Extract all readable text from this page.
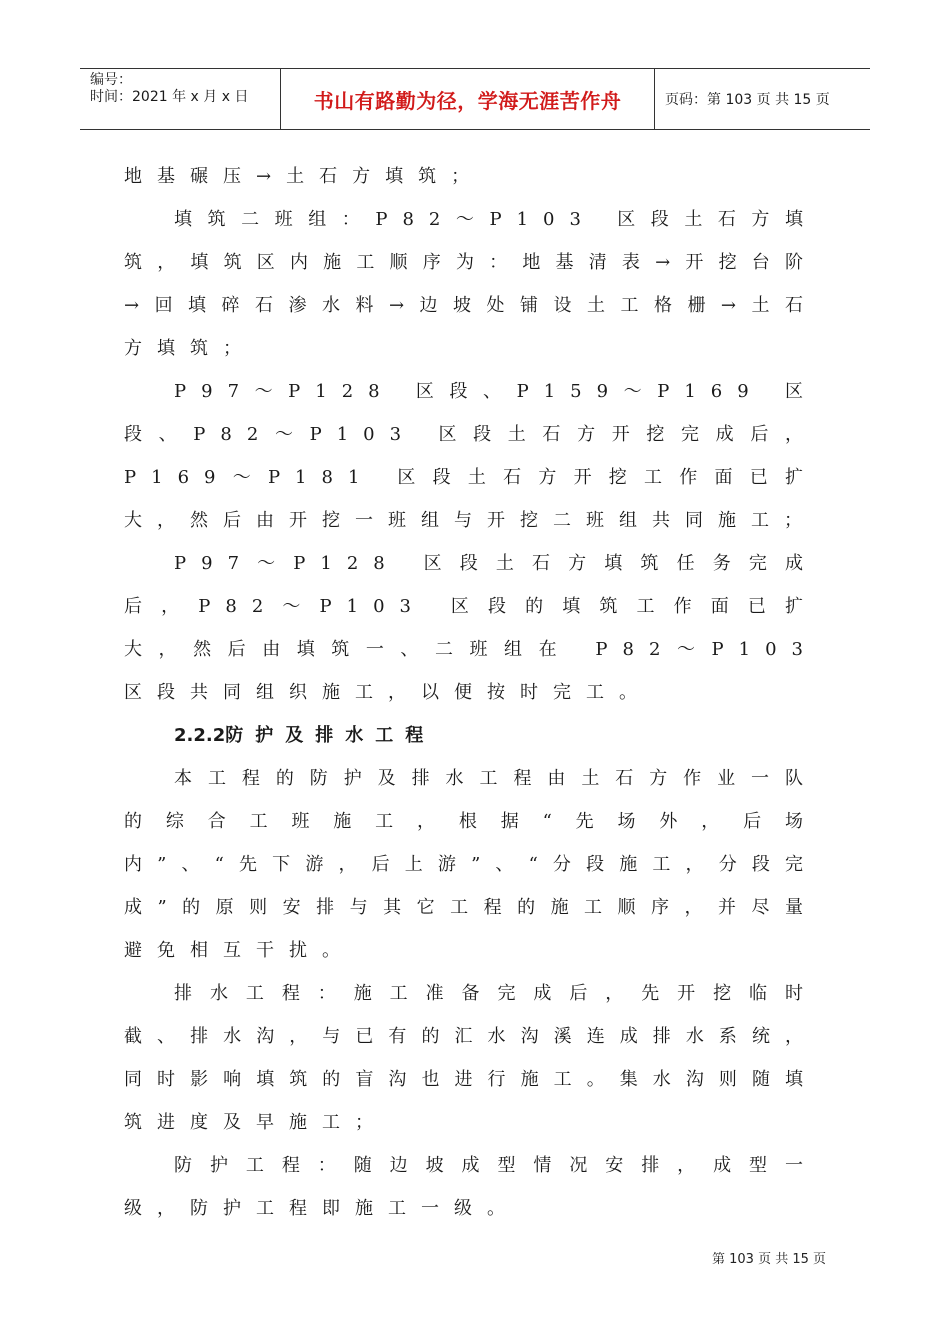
编号：
时间：2021 年 x 月 x 日	书山有路勤为径，学海无涯苦作舟	页码：第 103 页 共 15 页

地基碾压→土石方填筑；

填筑二班组：P82～P103 区段土石方填筑，填筑区内施工顺序为：地基清表→开挖台阶→回填碎石渗水料→边坡处铺设土工格栅→土石方填筑；

P97～P128 区段、P159～P169 区段、P82～P103 区段土石方开挖完成后，P169～P181 区段土石方开挖工作面已扩大，然后由开挖一班组与开挖二班组共同施工；

P97～P128 区段土石方填筑任务完成后，P82～P103 区段的填筑工作面已扩大，然后由填筑一、二班组在 P82～P103 区段共同组织施工，以便按时完工。

2.2.2防护及排水工程

本工程的防护及排水工程由土石方作业一队的综合工班施工，根据“先场外，后场内”、“先下游，后上游”、“分段施工，分段完成”的原则安排与其它工程的施工顺序，并尽量避免相互干扰。

排水工程：施工准备完成后，先开挖临时截、排水沟，与已有的汇水沟溪连成排水系统，同时影响填筑的盲沟也进行施工。集水沟则随填筑进度及早施工；

防护工程：随边坡成型情况安排，成型一级，防护工程即施工一级。

第 103 页 共 15 页
